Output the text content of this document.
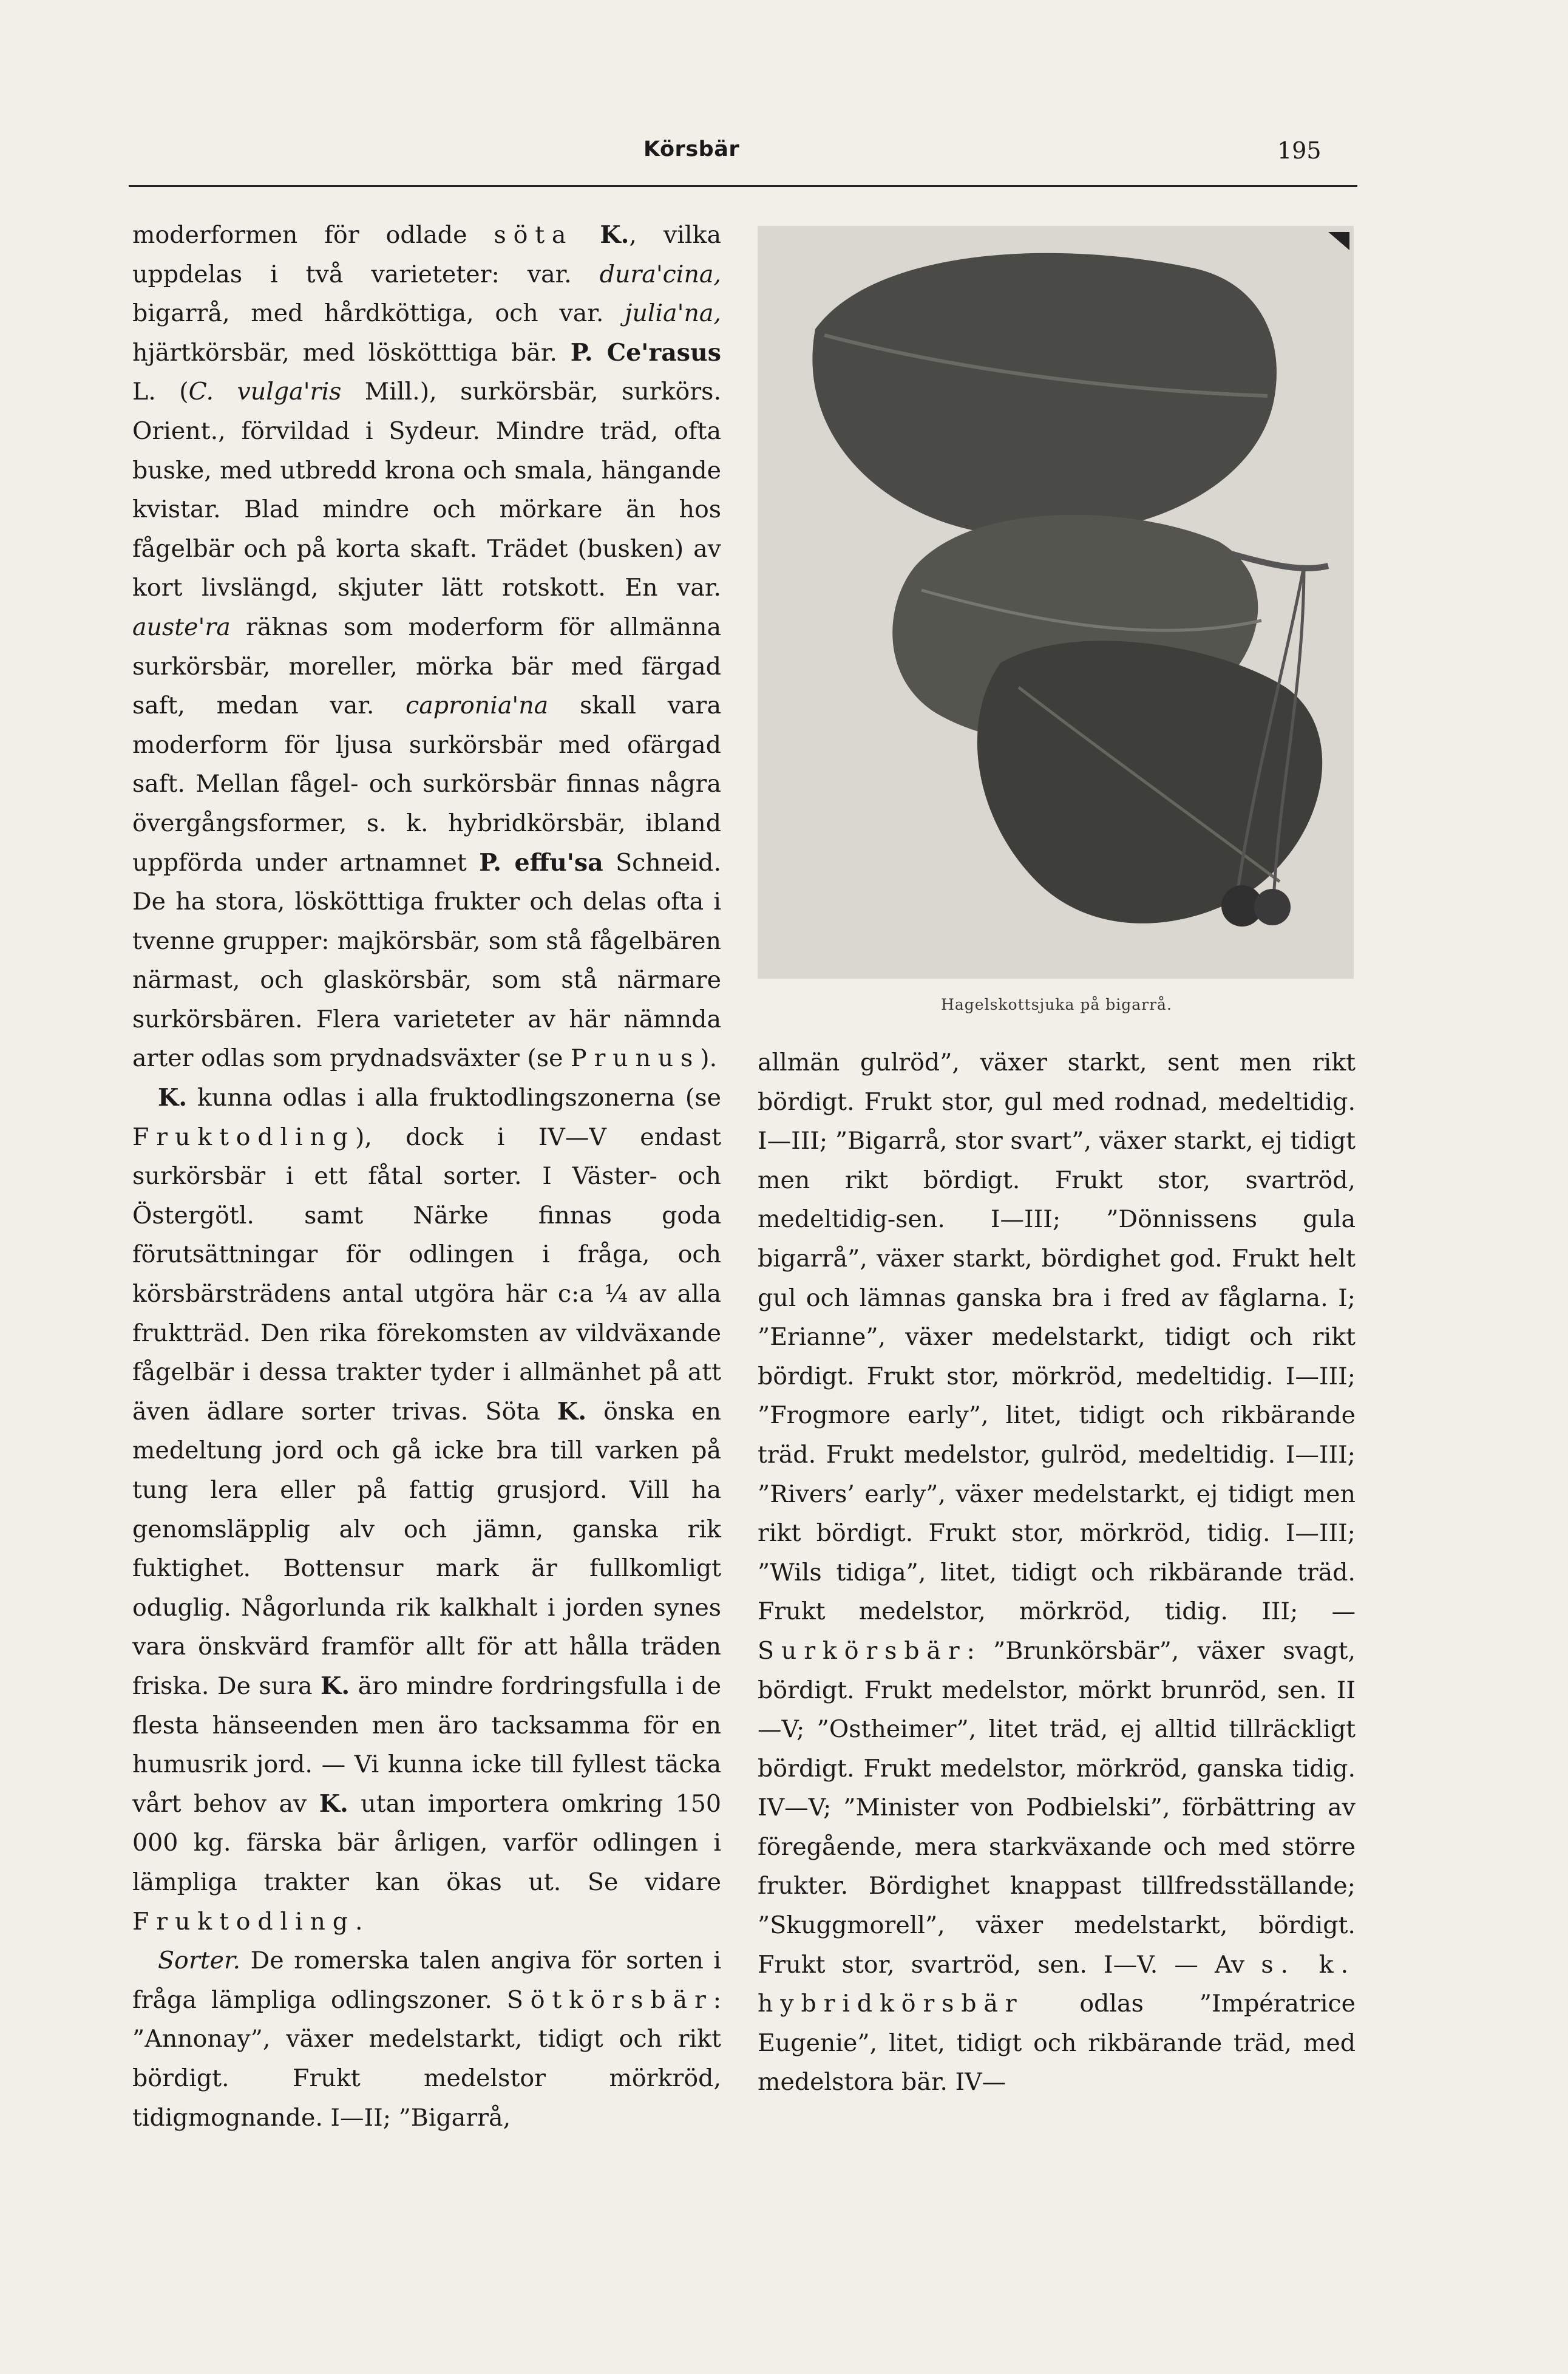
Körsbär	195

moderformen för odlade söta K., vilka uppdelas i två varieteter: var. dura'cina, bigarrå, med hårdköttiga, och var. julia'na, hjärtkörsbär, med löskötttiga bär. P. Ce'rasus L. (C. vulga'ris Mill.), surkörsbär, surkörs. Orient., förvildad i Sydeur. Mindre träd, ofta buske, med utbredd krona och smala, hängande kvistar. Blad mindre och mörkare än hos fågelbär och på korta skaft. Trädet (busken) av kort livslängd, skjuter lätt rotskott. En var. auste'ra räknas som moderform för allmänna surkörsbär, moreller, mörka bär med färgad saft, medan var. capronia'na skall vara moderform för ljusa surkörsbär med ofärgad saft. Mellan fågel- och surkörsbär finnas några övergångsformer, s. k. hybridkörsbär, ibland uppförda under artnamnet P. effu'sa Schneid. De ha stora, löskötttiga frukter och delas ofta i tvenne grupper: majkörsbär, som stå fågelbären närmast, och glaskörsbär, som stå närmare surkörsbären. Flera varieteter av här nämnda arter odlas som prydnadsväxter (se Prunus).

K. kunna odlas i alla fruktodlingszonerna (se Fruktodling), dock i IV—V endast surkörsbär i ett fåtal sorter. I Väster- och Östergötl. samt Närke finnas goda förutsättningar för odlingen i fråga, och körsbärsträdens antal utgöra här c:a ¼ av alla fruktträd. Den rika förekomsten av vildväxande fågelbär i dessa trakter tyder i allmänhet på att även ädlare sorter trivas. Söta K. önska en medeltung jord och gå icke bra till varken på tung lera eller på fattig grusjord. Vill ha genomsläpplig alv och jämn, ganska rik fuktighet. Bottensur mark är fullkomligt oduglig. Någorlunda rik kalkhalt i jorden synes vara önskvärd framför allt för att hålla träden friska. De sura K. äro mindre fordringsfulla i de flesta hänseenden men äro tacksamma för en humusrik jord. — Vi kunna icke till fyllest täcka vårt behov av K. utan importera omkring 150 000 kg. färska bär årligen, varför odlingen i lämpliga trakter kan ökas ut. Se vidare Fruktodling.

Sorter. De romerska talen angiva för sorten i fråga lämpliga odlingszoner. Sötkörsbär: ”Annonay”, växer medelstarkt, tidigt och rikt bördigt. Frukt medelstor mörkröd, tidigmognande. I—II; ”Bigarrå,

Hagelskottsjuka på bigarrå.

allmän gulröd”, växer starkt, sent men rikt bördigt. Frukt stor, gul med rodnad, medeltidig. I—III; ”Bigarrå, stor svart”, växer starkt, ej tidigt men rikt bördigt. Frukt stor, svartröd, medeltidig-sen. I—III; ”Dönnissens gula bigarrå”, växer starkt, bördighet god. Frukt helt gul och lämnas ganska bra i fred av fåglarna. I; ”Erianne”, växer medelstarkt, tidigt och rikt bördigt. Frukt stor, mörkröd, medeltidig. I—III; ”Frogmore early”, litet, tidigt och rikbärande träd. Frukt medelstor, gulröd, medeltidig. I—III; ”Rivers’ early”, växer medelstarkt, ej tidigt men rikt bördigt. Frukt stor, mörkröd, tidig. I—III; ”Wils tidiga”, litet, tidigt och rikbärande träd. Frukt medelstor, mörkröd, tidig. III; — Surkörsbär: ”Brunkörsbär”, växer svagt, bördigt. Frukt medelstor, mörkt brunröd, sen. II—V; ”Ostheimer”, litet träd, ej alltid tillräckligt bördigt. Frukt medelstor, mörkröd, ganska tidig. IV—V; ”Minister von Podbielski”, förbättring av föregående, mera starkväxande och med större frukter. Bördighet knappast tillfredsställande; ”Skuggmorell”, växer medelstarkt, bördigt. Frukt stor, svartröd, sen. I—V. — Av s. k. hybridkörsbär odlas ”Impératrice Eugenie”, litet, tidigt och rikbärande träd, med medelstora bär. IV—
